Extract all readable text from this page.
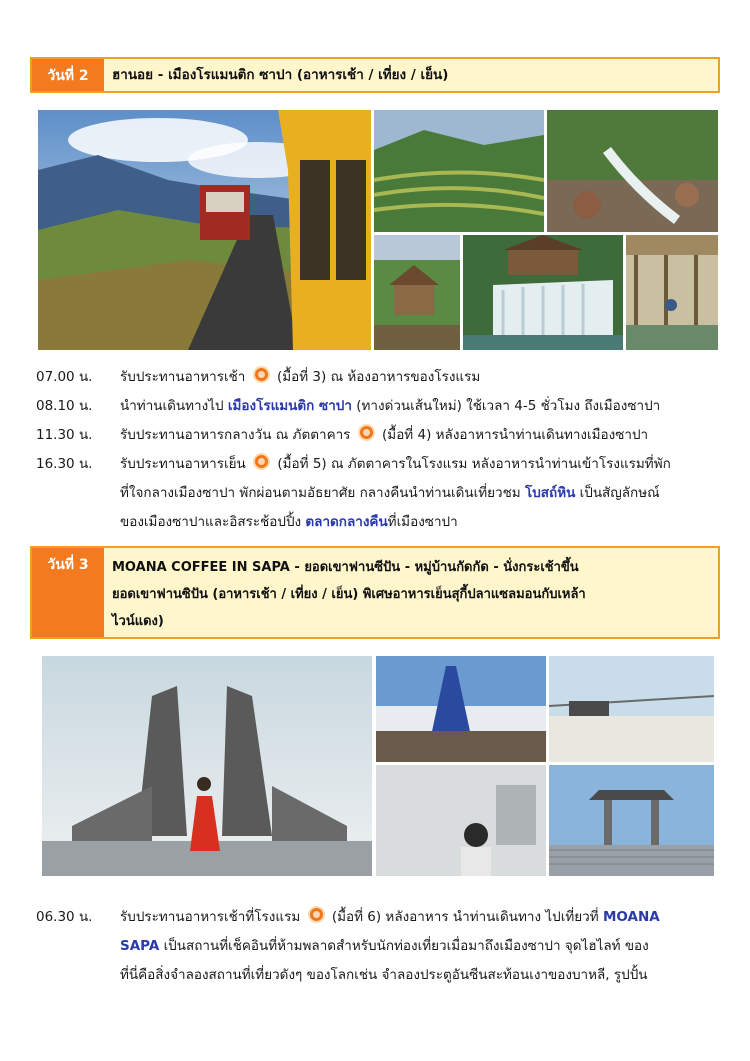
วันที่ 2	ฮานอย - เมืองโรแมนติก ซาปา (อาหารเช้า / เที่ยง / เย็น)
07.00 น.	รับประทานอาหารเช้า  (มื้อที่ 3) ณ ห้องอาหารของโรงแรม
08.10 น.	นำท่านเดินทางไป เมืองโรแมนติก ซาปา (ทางด่วนเส้นใหม่) ใช้เวลา 4-5 ชั่วโมง ถึงเมืองซาปา
11.30 น.	รับประทานอาหารกลางวัน ณ ภัตตาคาร  (มื้อที่ 4) หลังอาหารนำท่านเดินทางเมืองซาปา
16.30 น.	รับประทานอาหารเย็น  (มื้อที่ 5) ณ ภัตตาคารในโรงแรม หลังอาหารนำท่านเข้าโรงแรมที่พัก
ที่ใจกลางเมืองซาปา พักผ่อนตามอัธยาศัย กลางคืนนำท่านเดินเที่ยวชม โบสถ์หิน เป็นสัญลักษณ์
ของเมืองซาปาและอิสระช้อปปิ้ง ตลาดกลางคืนที่เมืองซาปา
วันที่ 3	MOANA COFFEE IN SAPA - ยอดเขาฟานซีปัน - หมู่บ้านกัดกัด - นั่งกระเช้าขึ้น
ยอดเขาฟานซิปัน (อาหารเช้า / เที่ยง / เย็น) พิเศษอาหารเย็นสุกี้ปลาแซลมอนกับเหล้า
ไวน์แดง)
06.30 น.	รับประทานอาหารเช้าที่โรงแรม  (มื้อที่ 6) หลังอาหาร นำท่านเดินทาง ไปเที่ยวที่ MOANA
SAPA เป็นสถานที่เช็คอินที่ห้ามพลาดสำหรับนักท่องเที่ยวเมื่อมาถึงเมืองซาปา จุดไฮไลท์ ของ
ที่นี่คือสิ่งจำลองสถานที่เที่ยวดังๆ ของโลกเช่น จำลองประตูอันซีนสะท้อนเงาของบาหลี, รูปปั้น
